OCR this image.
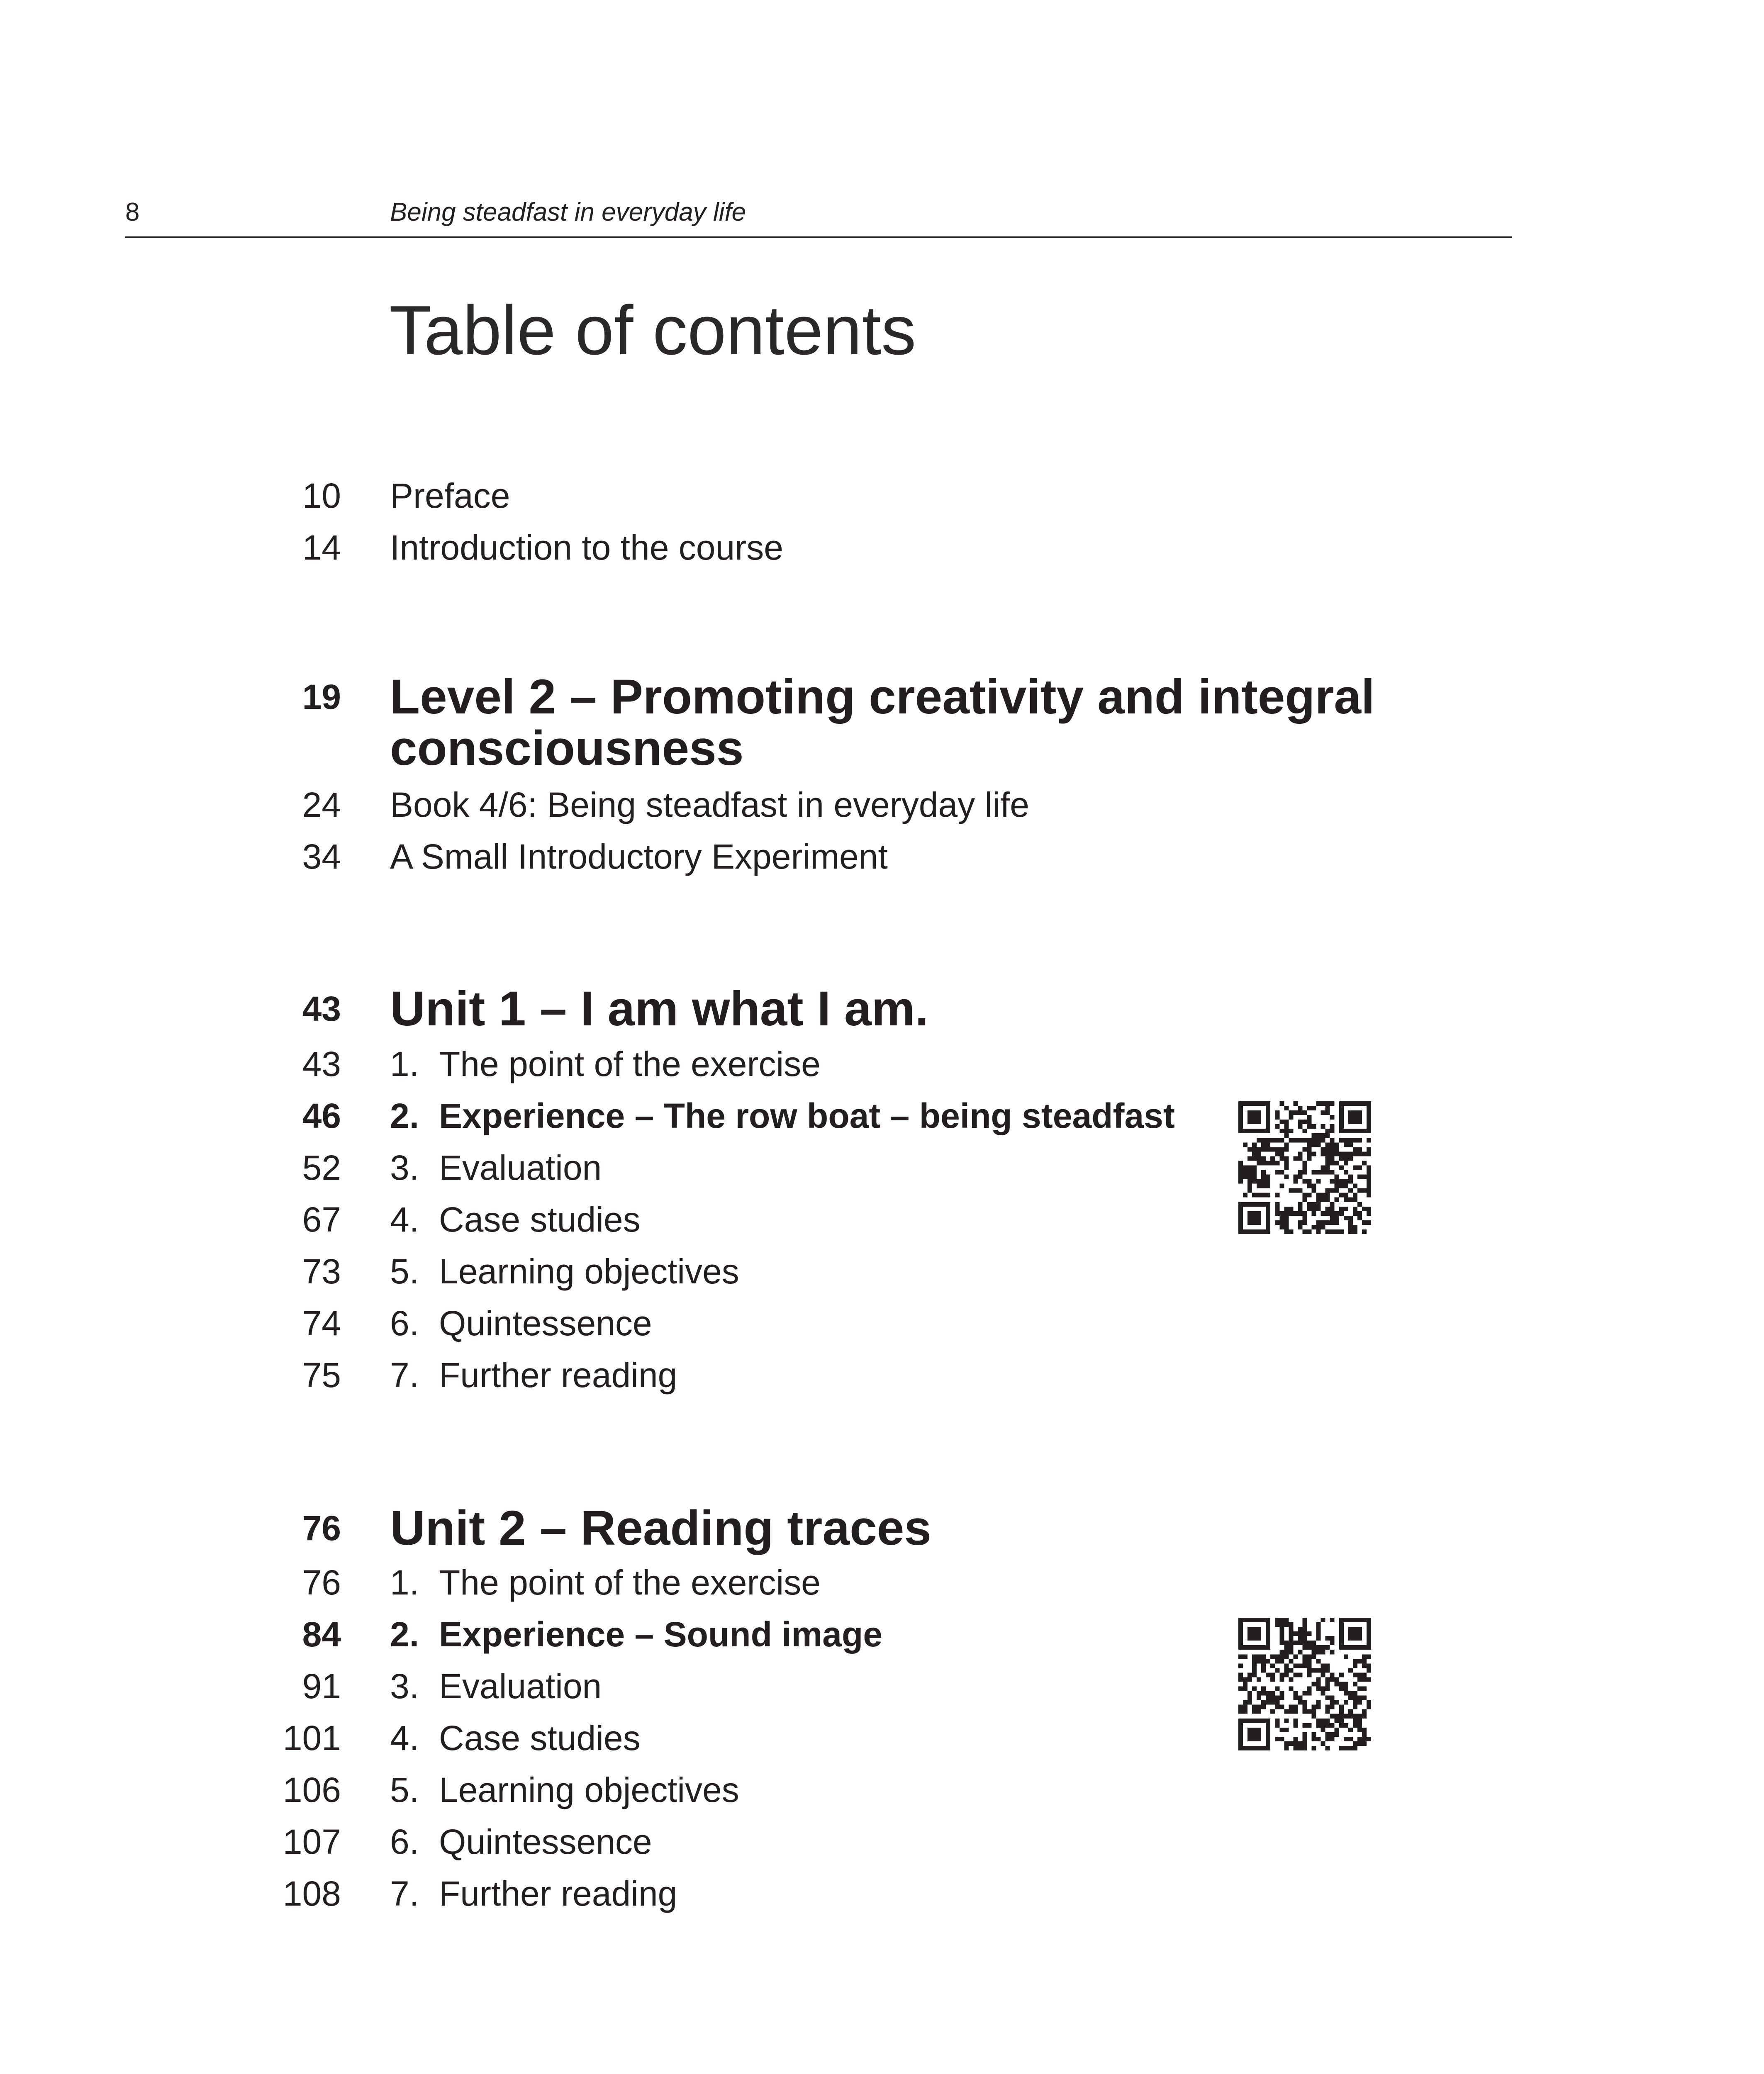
8	Being steadfast in everyday life
Table of contents
10 Preface
14 Introduction to the course
19 Level 2 – Promoting creativity and integral
consciousness
24 Book 4/6: Being steadfast in everyday life
34 A Small Introductory Experiment
43 Unit 1 – I am what I am.
43 1. The point of the exercise
46 2. Experience – The row boat – being steadfast
52 3. Evaluation
67 4. Case studies
73 5. Learning objectives
74 6. Quintessence
75 7. Further reading
76 Unit 2 – Reading traces
76 1. The point of the exercise
84 2. Experience – Sound image
91 3. Evaluation
101 4. Case studies
106 5. Learning objectives
107 6. Quintessence
108 7. Further reading
